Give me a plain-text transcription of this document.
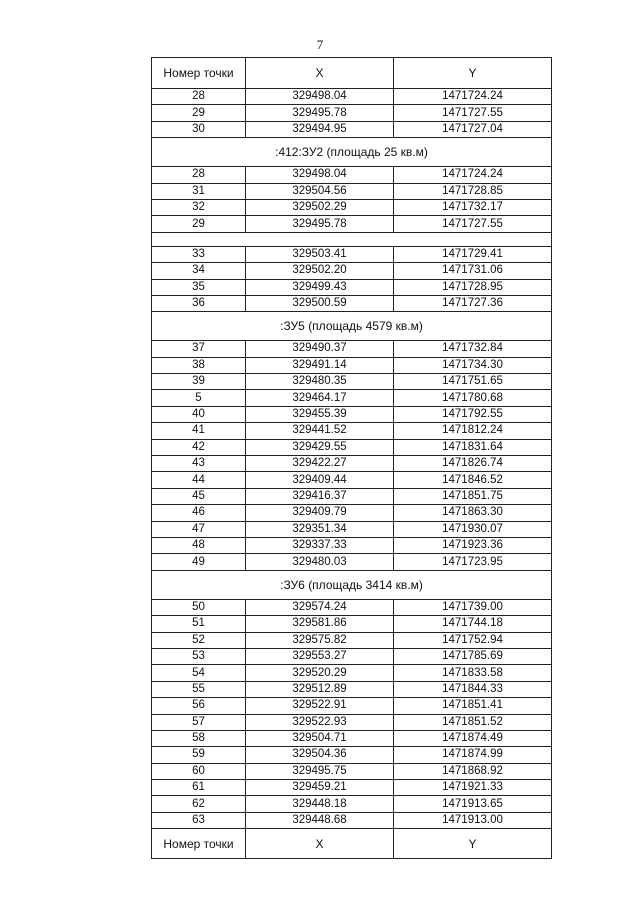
7
Номер точки	X	Y
28	329498.04	1471724.24
29	329495.78	1471727.55
30	329494.95	1471727.04
:412:ЗУ2 (площадь 25 кв.м)		
28	329498.04	1471724.24
31	329504.56	1471728.85
32	329502.29	1471732.17
29	329495.78	1471727.55

33	329503.41	1471729.41
34	329502.20	1471731.06
35	329499.43	1471728.95
36	329500.59	1471727.36
:ЗУ5 (площадь 4579 кв.м)		
37	329490.37	1471732.84
38	329491.14	1471734.30
39	329480.35	1471751.65
5	329464.17	1471780.68
40	329455.39	1471792.55
41	329441.52	1471812.24
42	329429.55	1471831.64
43	329422.27	1471826.74
44	329409.44	1471846.52
45	329416.37	1471851.75
46	329409.79	1471863.30
47	329351.34	1471930.07
48	329337.33	1471923.36
49	329480.03	1471723.95
:ЗУ6 (площадь 3414 кв.м)		
50	329574.24	1471739.00
51	329581.86	1471744.18
52	329575.82	1471752.94
53	329553.27	1471785.69
54	329520.29	1471833.58
55	329512.89	1471844.33
56	329522.91	1471851.41
57	329522.93	1471851.52
58	329504.71	1471874.49
59	329504.36	1471874.99
60	329495.75	1471868.92
61	329459.21	1471921.33
62	329448.18	1471913.65
63	329448.68	1471913.00
Номер точки	X	Y
